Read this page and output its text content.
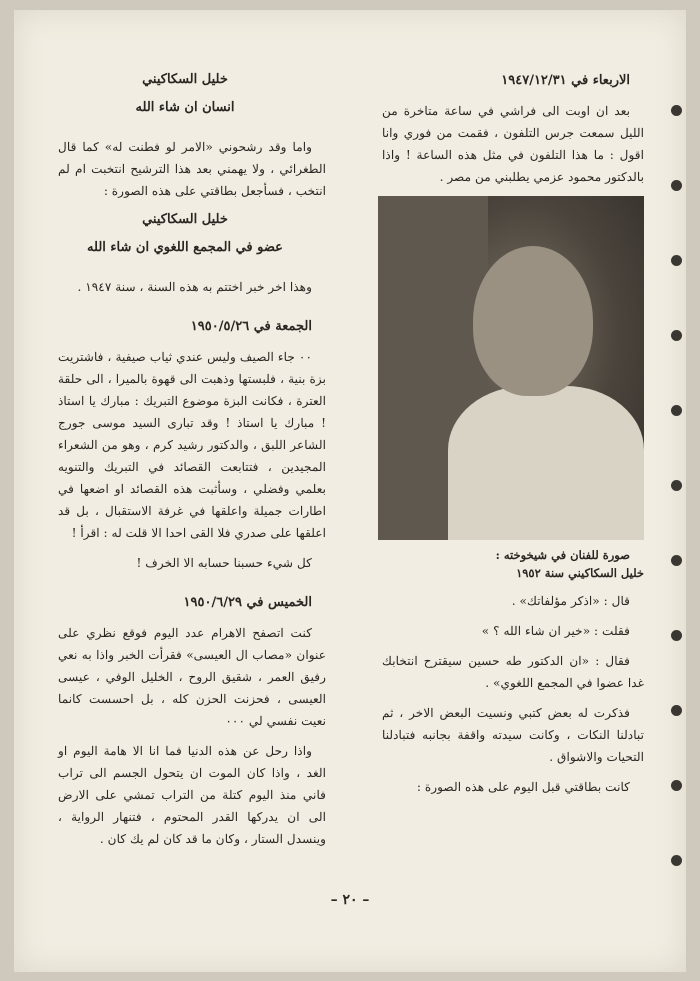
الاربعاء في ١٩٤٧/١٢/٣١

بعد ان اوبت الى فراشي في ساعة متاخرة من الليل سمعت جرس التلفون ، فقمت من فوري وانا اقول : ما هذا التلفون في مثل هذه الساعة ! واذا بالدكتور محمود عزمي يطلبني من مصر .

صورة للفنان في شيخوخته :
خليل السكاكيني سنة ١٩٥٢

قال : «اذكر مؤلفاتك» .

فقلت : «خير ان شاء الله ؟ »

فقال : «ان الدكتور طه حسين سيقترح انتخابك غدا عضوا في المجمع اللغوي» .

فذكرت له بعض كتبي ونسيت البعض الاخر ، ثم تبادلنا النكات ، وكانت سيدته واقفة بجانبه فتبادلنا التحيات والاشواق .

كانت بطاقتي قبل اليوم على هذه الصورة :

خليل السكاكيني

انسان ان شاء الله

واما وقد رشحوني «الامر لو فطنت له» كما قال الطغرائي ، ولا يهمني بعد هذا الترشيح انتخبت ام لم انتخب ، فسأجعل بطاقتي على هذه الصورة :

خليل السكاكيني

عضو في المجمع اللغوي ان شاء الله

وهذا اخر خبر اختتم به هذه السنة ، سنة ١٩٤٧ .

الجمعة في ١٩٥٠/٥/٢٦

٠٠ جاء الصيف وليس عندي ثياب صيفية ، فاشتريت بزة بنية ، فلبستها وذهبت الى قهوة بالميرا ، الى حلقة العترة ، فكانت البزة موضوع التبريك : مبارك يا استاذ ! مبارك يا استاذ ! وقد تبارى السيد موسى جورج الشاعر اللبق ، والدكتور رشيد كرم ، وهو من الشعراء المجيدين ، فتتابعت القصائد في التبريك والتنويه بعلمي وفضلي ، وسأثبت هذه القصائد او اضعها في اطارات جميلة واعلقها في غرفة الاستقبال ، بل قد اعلقها على صدري فلا القى احدا الا قلت له : اقرأ !

كل شيء حسبنا حسابه الا الخرف !

الخميس في ١٩٥٠/٦/٢٩

كنت اتصفح الاهرام عدد اليوم فوقع نظري على عنوان «مصاب ال العيسى» فقرأت الخبر واذا به نعي رفيق العمر ، شقيق الروح ، الخليل الوفي ، عيسى العيسى ، فحزنت الحزن كله ، بل احسست كانما نعيت نفسي لي ٠٠٠

واذا رحل عن هذه الدنيا فما انا الا هامة اليوم او الغد ، واذا كان الموت ان يتحول الجسم الى تراب فاني منذ اليوم كتلة من التراب تمشي على الارض الى ان يدركها القدر المحتوم ، فتنهار الرواية ، وينسدل الستار ، وكان ما قد كان لم يك كان .

– ٢٠ –
